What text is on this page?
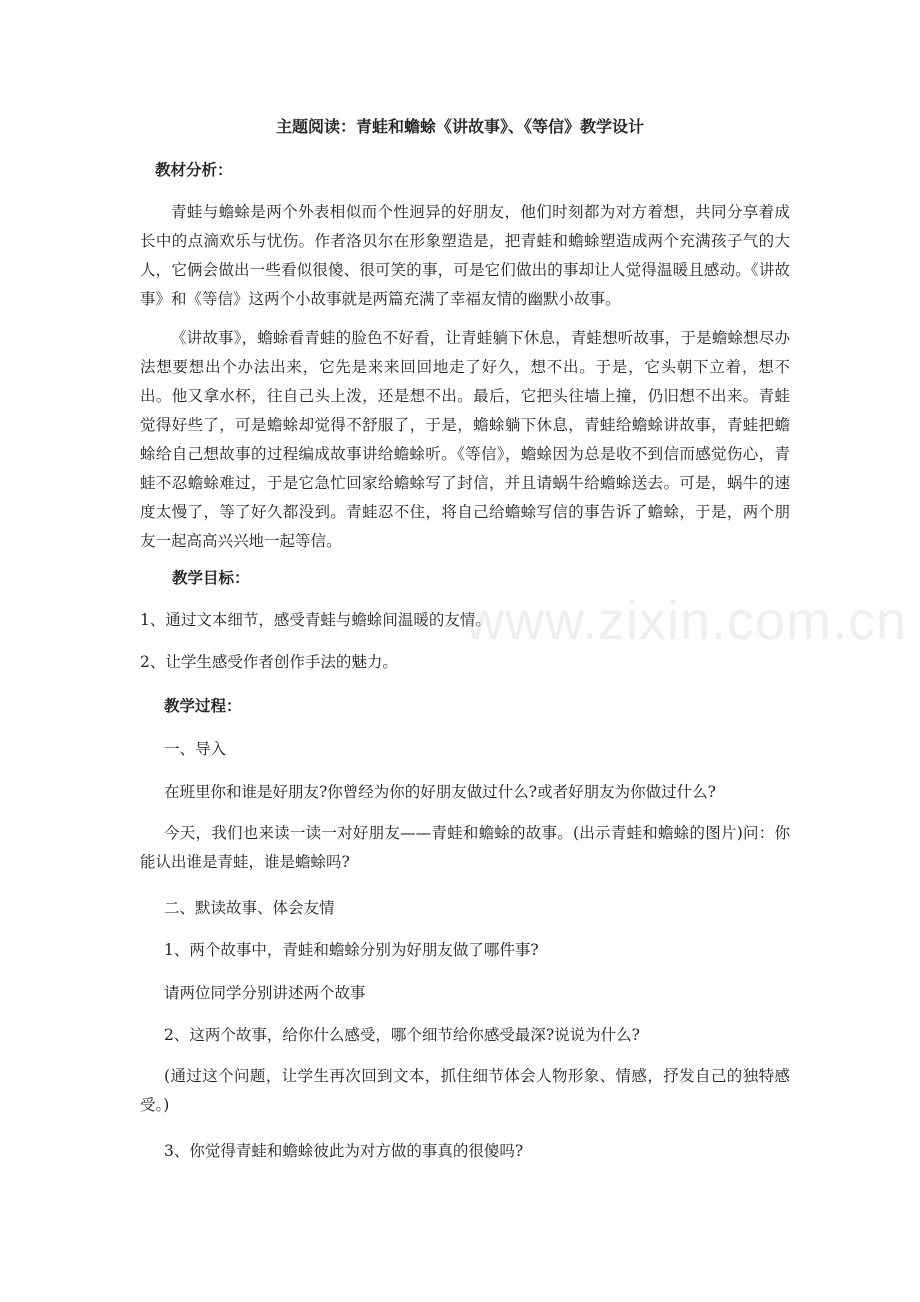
主题阅读：青蛙和蟾蜍《讲故事》、《等信》教学设计
教材分析：

青蛙与蟾蜍是两个外表相似而个性迥异的好朋友，他们时刻都为对方着想，共同分享着成长中的点滴欢乐与忧伤。作者洛贝尔在形象塑造是，把青蛙和蟾蜍塑造成两个充满孩子气的大人，它俩会做出一些看似很傻、很可笑的事，可是它们做出的事却让人觉得温暖且感动。《讲故事》和《等信》这两个小故事就是两篇充满了幸福友情的幽默小故事。

《讲故事》，蟾蜍看青蛙的脸色不好看，让青蛙躺下休息，青蛙想听故事，于是蟾蜍想尽办法想要想出个办法出来，它先是来来回回地走了好久，想不出。于是，它头朝下立着，想不出。他又拿水杯，往自己头上泼，还是想不出。最后，它把头往墙上撞，仍旧想不出来。青蛙觉得好些了，可是蟾蜍却觉得不舒服了，于是，蟾蜍躺下休息，青蛙给蟾蜍讲故事，青蛙把蟾蜍给自己想故事的过程编成故事讲给蟾蜍听。《等信》，蟾蜍因为总是收不到信而感觉伤心，青蛙不忍蟾蜍难过，于是它急忙回家给蟾蜍写了封信，并且请蜗牛给蟾蜍送去。可是，蜗牛的速度太慢了，等了好久都没到。青蛙忍不住，将自己给蟾蜍写信的事告诉了蟾蜍，于是，两个朋友一起高高兴兴地一起等信。

教学目标：

1、通过文本细节，感受青蛙与蟾蜍间温暖的友情。

2、让学生感受作者创作手法的魅力。

教学过程：

一、导入

在班里你和谁是好朋友?你曾经为你的好朋友做过什么?或者好朋友为你做过什么?

今天，我们也来读一读一对好朋友——青蛙和蟾蜍的故事。(出示青蛙和蟾蜍的图片)问：你能认出谁是青蛙，谁是蟾蜍吗?

二、默读故事、体会友情

1、两个故事中，青蛙和蟾蜍分别为好朋友做了哪件事?

请两位同学分别讲述两个故事

2、这两个故事，给你什么感受，哪个细节给你感受最深?说说为什么?

(通过这个问题，让学生再次回到文本，抓住细节体会人物形象、情感，抒发自己的独特感受。)

3、你觉得青蛙和蟾蜍彼此为对方做的事真的很傻吗?

www.zixin.com.cn
